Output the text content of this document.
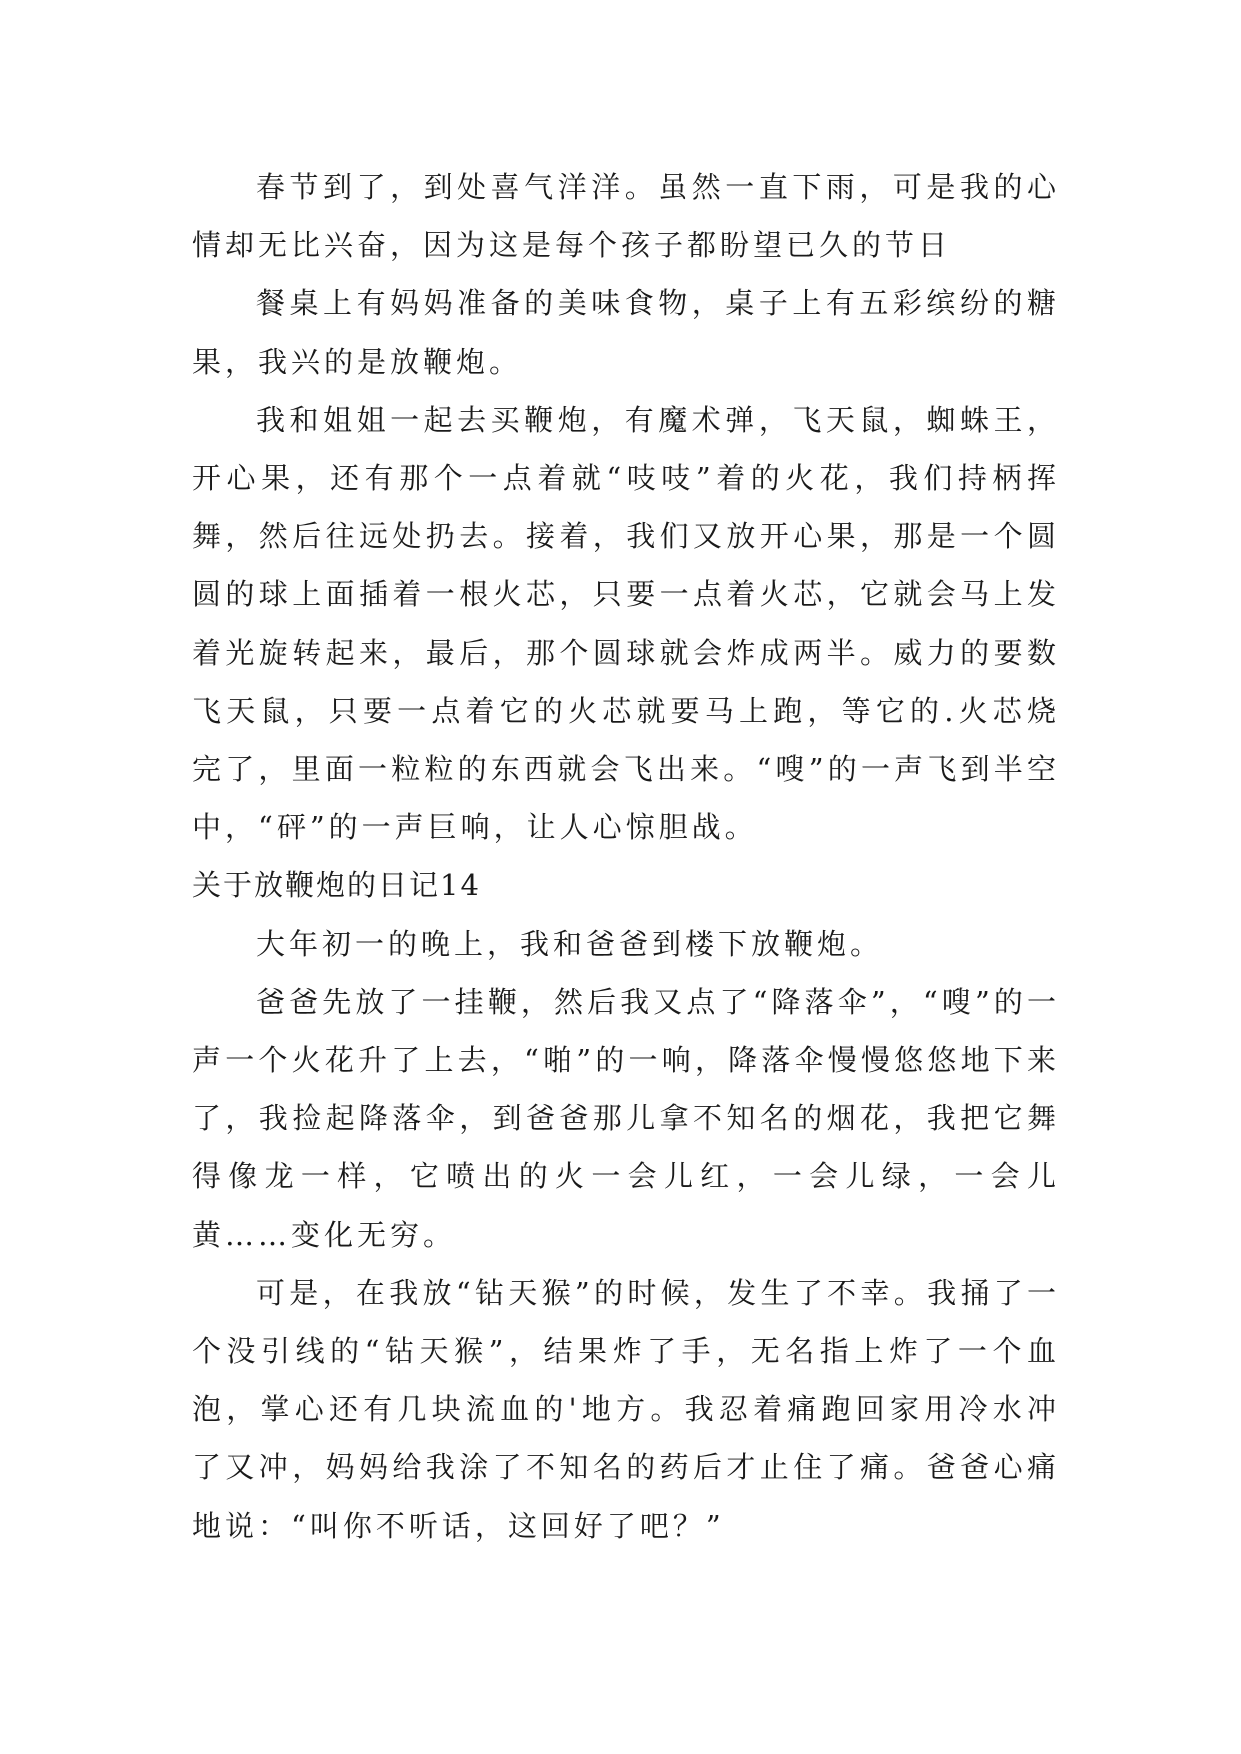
春节到了，到处喜气洋洋。虽然一直下雨，可是我的心情却无比兴奋，因为这是每个孩子都盼望已久的节日

餐桌上有妈妈准备的美味食物，桌子上有五彩缤纷的糖果，我兴的是放鞭炮。

我和姐姐一起去买鞭炮，有魔术弹，飞天鼠，蜘蛛王，开心果，还有那个一点着就“吱吱”着的火花，我们持柄挥舞，然后往远处扔去。接着，我们又放开心果，那是一个圆圆的球上面插着一根火芯，只要一点着火芯，它就会马上发着光旋转起来，最后，那个圆球就会炸成两半。威力的要数飞天鼠，只要一点着它的火芯就要马上跑，等它的.火芯烧完了，里面一粒粒的东西就会飞出来。“嗖”的一声飞到半空中，“砰”的一声巨响，让人心惊胆战。

关于放鞭炮的日记14

大年初一的晚上，我和爸爸到楼下放鞭炮。

爸爸先放了一挂鞭，然后我又点了“降落伞”，“嗖”的一声一个火花升了上去，“啪”的一响，降落伞慢慢悠悠地下来了，我捡起降落伞，到爸爸那儿拿不知名的烟花，我把它舞得像龙一样，它喷出的火一会儿红，一会儿绿，一会儿黄……变化无穷。

可是，在我放“钻天猴”的时候，发生了不幸。我捅了一个没引线的“钻天猴”，结果炸了手，无名指上炸了一个血泡，掌心还有几块流血的'地方。我忍着痛跑回家用冷水冲了又冲，妈妈给我涂了不知名的药后才止住了痛。爸爸心痛地说：“叫你不听话，这回好了吧？”
